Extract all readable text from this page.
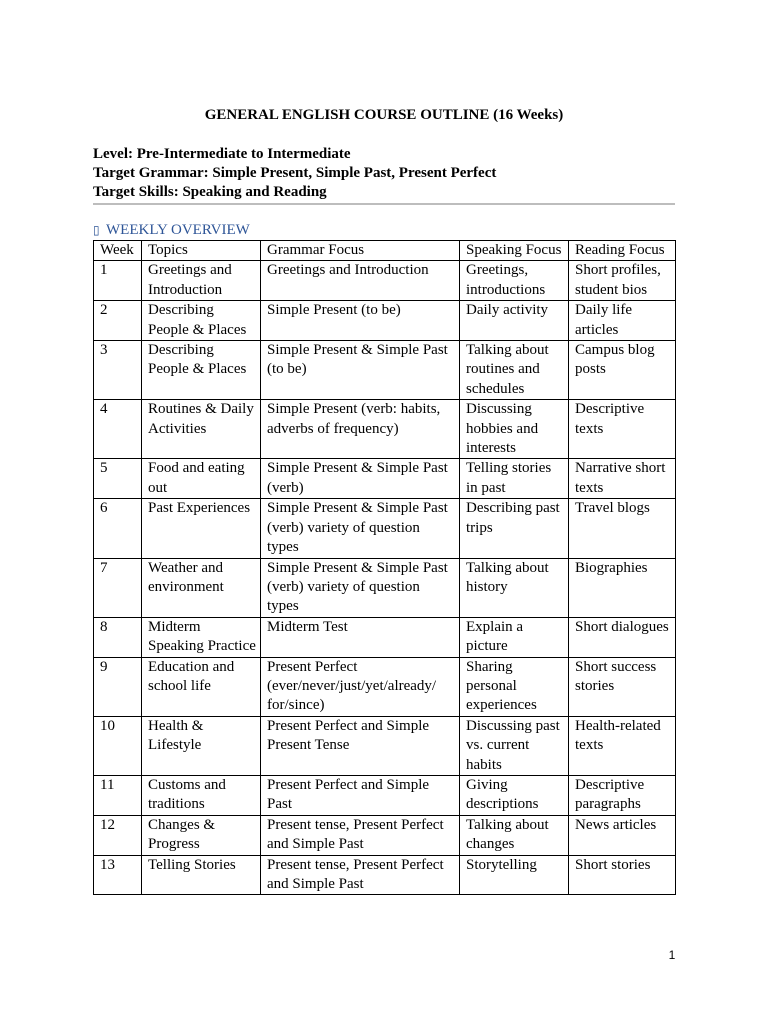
GENERAL ENGLISH COURSE OUTLINE (16 Weeks)
Level: Pre-Intermediate to Intermediate
Target Grammar: Simple Present, Simple Past, Present Perfect
Target Skills: Speaking and Reading
▯ WEEKLY OVERVIEW
Week	Topics	Grammar Focus	Speaking Focus	Reading Focus
1	Greetings and Introduction	Greetings and Introduction	Greetings, introductions	Short profiles, student bios
2	Describing People & Places	Simple Present (to be)	Daily activity	Daily life articles
3	Describing People & Places	Simple Present & Simple Past (to be)	Talking about routines and schedules	Campus blog posts
4	Routines & Daily Activities	Simple Present (verb: habits, adverbs of frequency)	Discussing hobbies and interests	Descriptive texts
5	Food and eating out	Simple Present & Simple Past (verb)	Telling stories in past	Narrative short texts
6	Past Experiences	Simple Present & Simple Past (verb) variety of question types	Describing past trips	Travel blogs
7	Weather and environment	Simple Present & Simple Past (verb) variety of question types	Talking about history	Biographies
8	Midterm Speaking Practice	Midterm Test	Explain a picture	Short dialogues
9	Education and school life	Present Perfect (ever/never/just/yet/already/ for/since)	Sharing personal experiences	Short success stories
10	Health & Lifestyle	Present Perfect and Simple Present Tense	Discussing past vs. current habits	Health-related texts
11	Customs and traditions	Present Perfect and Simple Past	Giving descriptions	Descriptive paragraphs
12	Changes & Progress	Present tense, Present Perfect and Simple Past	Talking about changes	News articles
13	Telling Stories	Present tense, Present Perfect and Simple Past	Storytelling	Short stories
1
